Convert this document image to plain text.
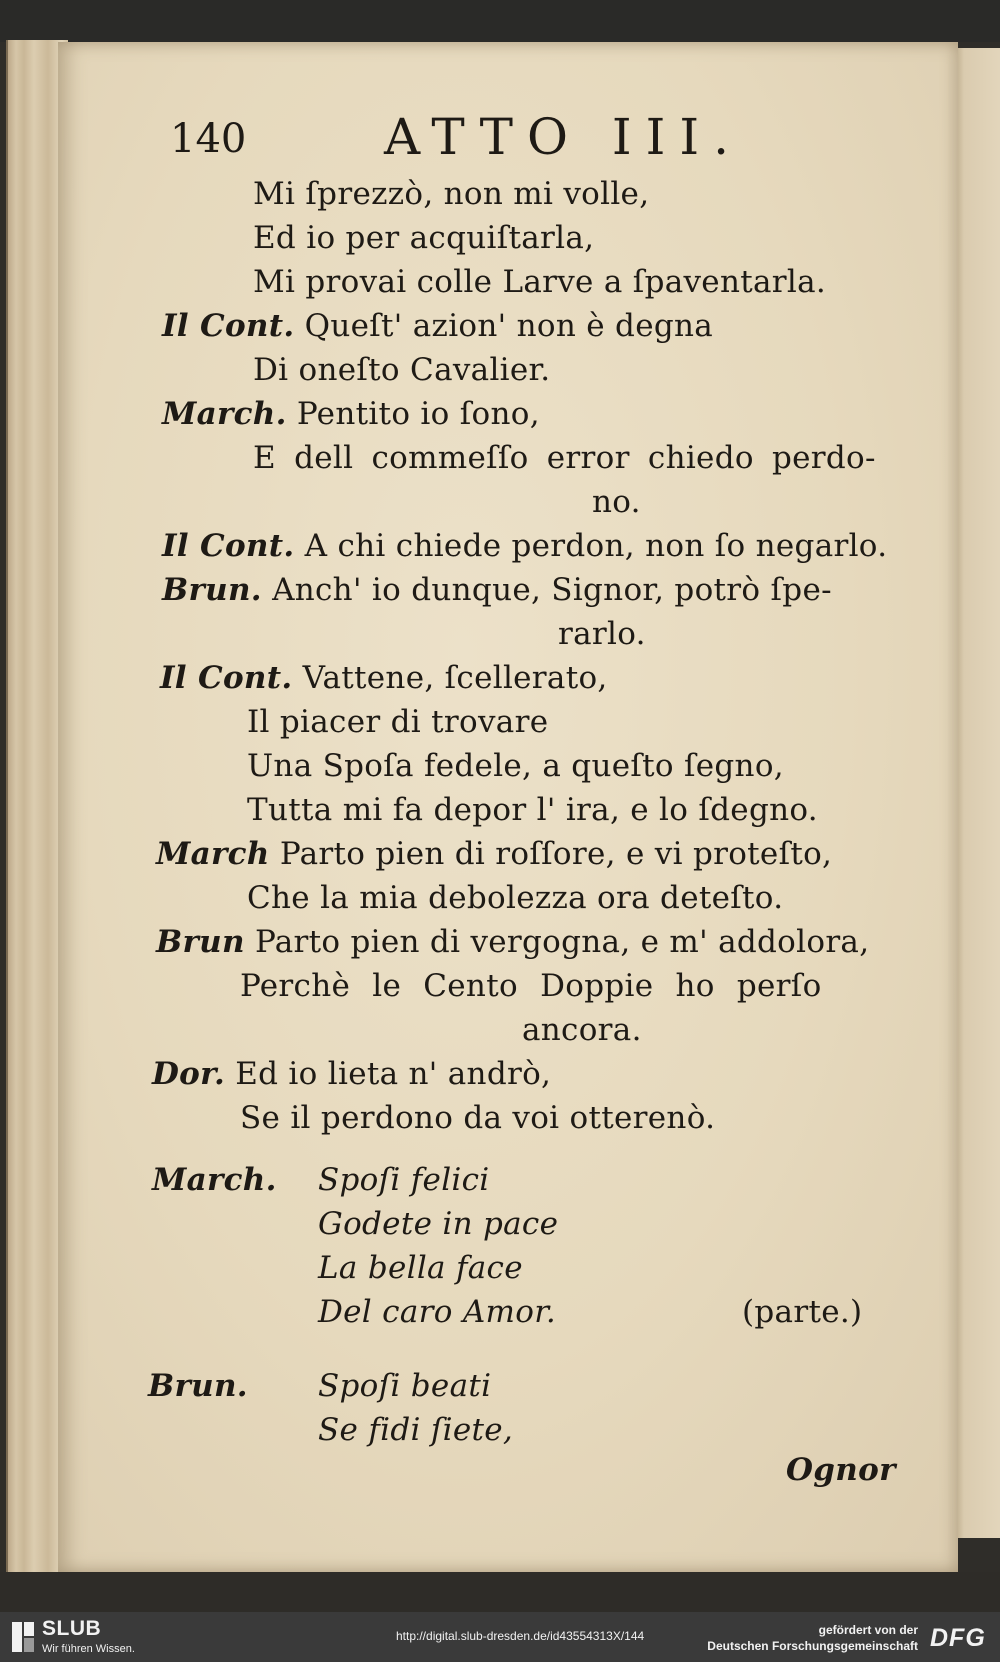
140	ATTO III.
Mi ſprezzò, non mi volle,
Ed io per acquiſtarla,
Mi provai colle Larve a ſpaventarla.
Il Cont. Queſt' azion' non è degna
Di oneſto Cavalier.
March. Pentito io ſono,
E dell commeſſo error chiedo perdo-
no.
Il Cont. A chi chiede perdon, non ſo negarlo.
Brun. Anch' io dunque, Signor, potrò ſpe-
rarlo.
Il Cont. Vattene, ſcellerato,
Il piacer di trovare
Una Spoſa fedele, a queſto ſegno,
Tutta mi fa depor l' ira, e lo ſdegno.
March Parto pien di roſſore, e vi proteſto,
Che la mia debolezza ora deteſto.
Brun Parto pien di vergogna, e m' addolora,
Perchè le Cento Doppie ho perſo
ancora.
Dor. Ed io lieta n' andrò,
Se il perdono da voi otterenò.
March. Spoſi felici
Godete in pace
La bella face
Del caro Amor.	(parte.)
Brun. Spoſi beati
Se fidi ſiete,
Ognor
SLUB
Wir führen Wissen.
http://digital.slub-dresden.de/id43554313X/144	gefördert von der
Deutschen Forschungsgemeinschaft DFG
